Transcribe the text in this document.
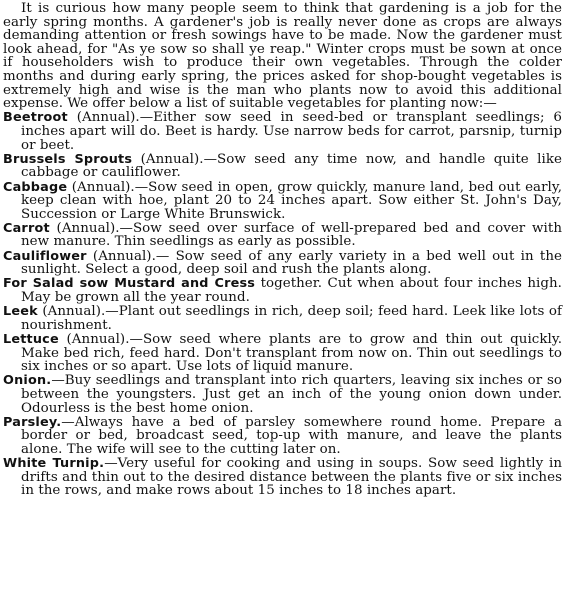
It is curious how many people seem to think that gardening is a job for the early spring months. A gardener's job is really never done as crops are always demanding attention or fresh sowings have to be made. Now the gardener must look ahead, for "As ye sow so shall ye reap." Winter crops must be sown at once if householders wish to produce their own vegetables. Through the colder months and during early spring, the prices asked for shop-bought vegetables is extremely high and wise is the man who plants now to avoid this additional expense. We offer below a list of suitable vegetables for planting now:—

Beetroot (Annual).—Either sow seed in seed-bed or transplant seedlings; 6 inches apart will do. Beet is hardy. Use narrow beds for carrot, parsnip, turnip or beet.

Brussels Sprouts (Annual).—Sow seed any time now, and handle quite like cabbage or cauliflower.

Cabbage (Annual).—Sow seed in open, grow quickly, manure land, bed out early, keep clean with hoe, plant 20 to 24 inches apart. Sow either St. John's Day, Succession or Large White Brunswick.

Carrot (Annual).—Sow seed over surface of well-prepared bed and cover with new manure. Thin seedlings as early as possible.

Cauliflower (Annual).— Sow seed of any early variety in a bed well out in the sunlight. Select a good, deep soil and rush the plants along.

For Salad sow Mustard and Cress together. Cut when about four inches high. May be grown all the year round.

Leek (Annual).—Plant out seedlings in rich, deep soil; feed hard. Leek like lots of nourishment.

Lettuce (Annual).—Sow seed where plants are to grow and thin out quickly. Make bed rich, feed hard. Don't transplant from now on. Thin out seedlings to six inches or so apart. Use lots of liquid manure.

Onion.—Buy seedlings and transplant into rich quarters, leaving six inches or so between the youngsters. Just get an inch of the young onion down under. Odourless is the best home onion.

Parsley.—Always have a bed of parsley somewhere round home. Prepare a border or bed, broadcast seed, top-up with manure, and leave the plants alone. The wife will see to the cutting later on.

White Turnip.—Very useful for cooking and using in soups. Sow seed lightly in drifts and thin out to the desired distance between the plants five or six inches in the rows, and make rows about 15 inches to 18 inches apart.
